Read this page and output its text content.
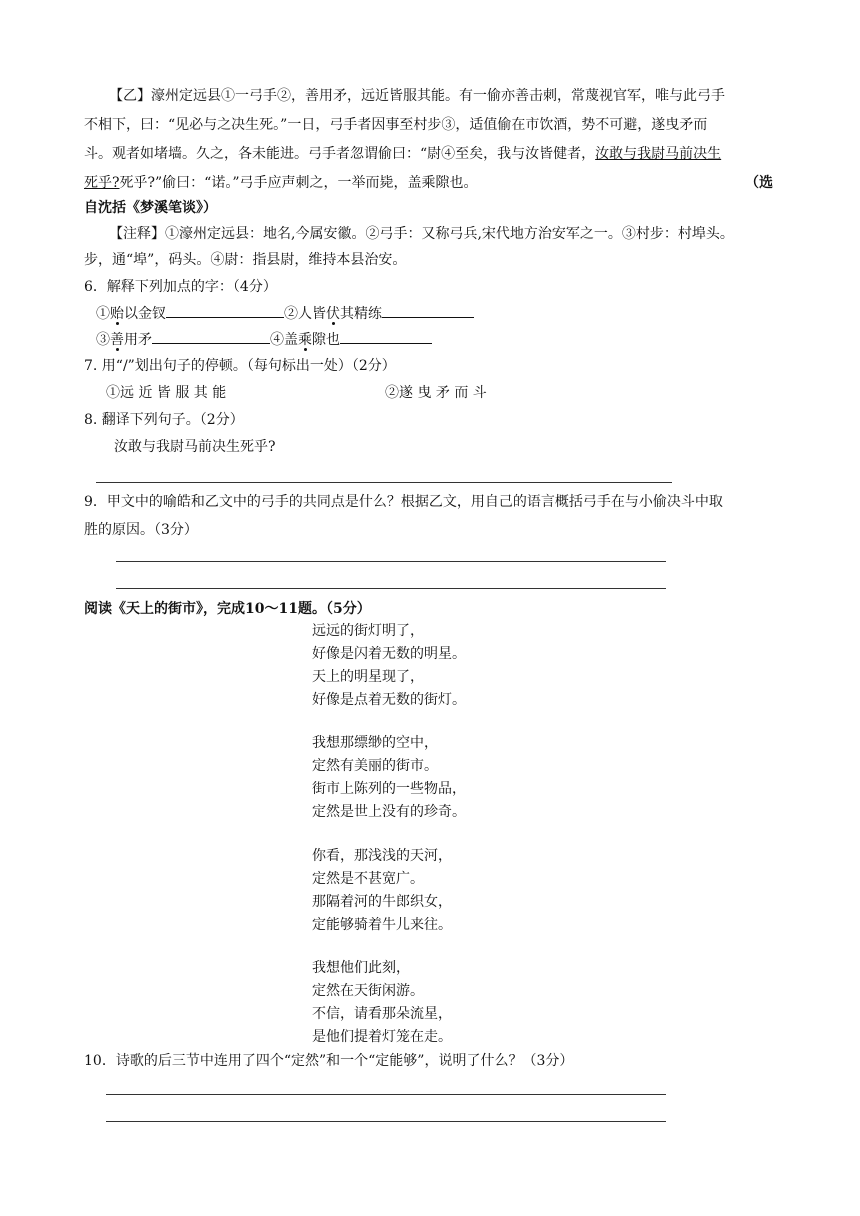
【乙】濠州定远县①一弓手②，善用矛，远近皆服其能。有一偷亦善击刺，常蔑视官军，唯与此弓手
不相下，曰：“见必与之决生死。”一日，弓手者因事至村步③，适值偷在市饮酒，势不可避，遂曳矛而
斗。观者如堵墙。久之，各未能进。弓手者忽谓偷曰：“尉④至矣，我与汝皆健者，汝敢与我尉马前决生
死乎?死乎?”偷曰：“诺。”弓手应声刺之，一举而毙，盖乘隙也。	（选
自沈括《梦溪笔谈》）
【注释】①濠州定远县：地名,今属安徽。②弓手：又称弓兵,宋代地方治安军之一。③村步：村埠头。
步，通“埠”，码头。④尉：指县尉，维持本县治安。
6．解释下列加点的字：（4分）
①贻以金钗	②人皆伏其精练
③善用矛	④盖乘隙也
7. 用“/”划出句子的停顿。（每句标出一处）（2分）
①远 近 皆 服 其 能	②遂 曳 矛 而 斗
8. 翻译下列句子。（2分）
汝敢与我尉马前决生死乎?
9．甲文中的喻皓和乙文中的弓手的共同点是什么？根据乙文，用自己的语言概括弓手在与小偷决斗中取
胜的原因。（3分）
阅读《天上的街市》，完成10～11题。（5分）
远远的街灯明了，
好像是闪着无数的明星。
天上的明星现了，
好像是点着无数的街灯。
我想那缥缈的空中，
定然有美丽的街市。
街市上陈列的一些物品，
定然是世上没有的珍奇。
你看，那浅浅的天河，
定然是不甚宽广。
那隔着河的牛郎织女，
定能够骑着牛儿来往。
我想他们此刻，
定然在天街闲游。
不信，请看那朵流星，
是他们提着灯笼在走。
10．诗歌的后三节中连用了四个“定然”和一个“定能够”，说明了什么？（3分）
